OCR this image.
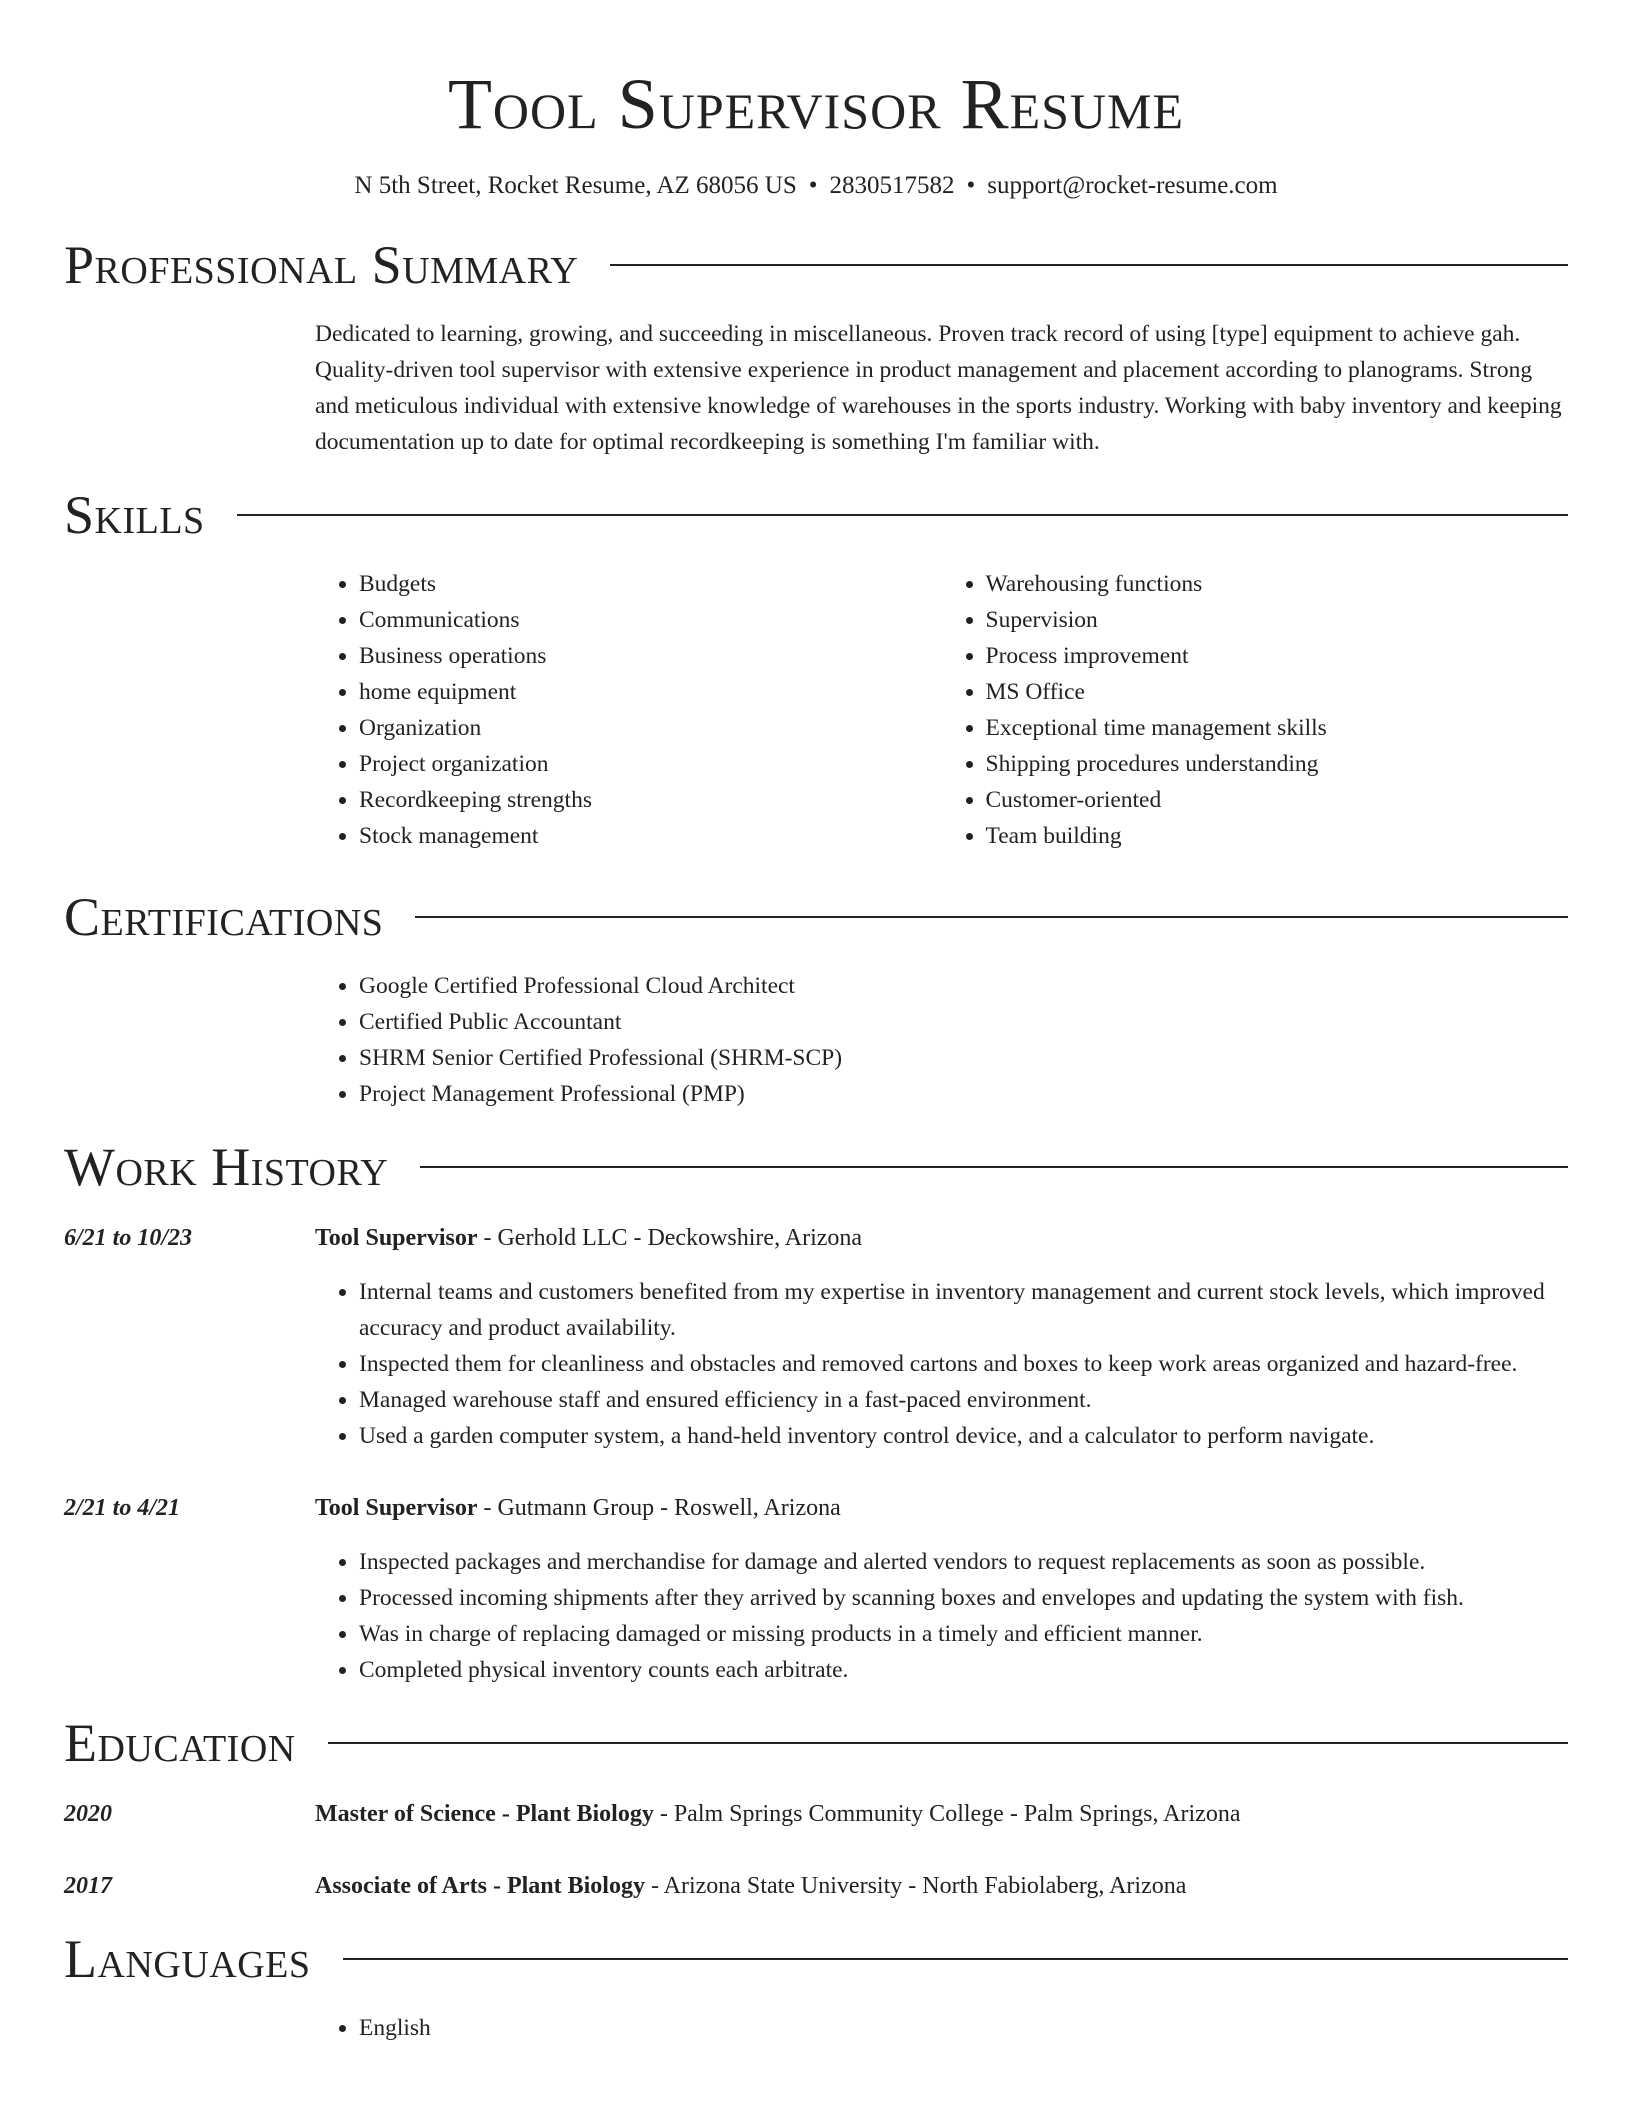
Tool Supervisor Resume
N 5th Street, Rocket Resume, AZ 68056 US • 2830517582 • support@rocket-resume.com
Professional Summary
Dedicated to learning, growing, and succeeding in miscellaneous. Proven track record of using [type] equipment to achieve gah. Quality-driven tool supervisor with extensive experience in product management and placement according to planograms. Strong and meticulous individual with extensive knowledge of warehouses in the sports industry. Working with baby inventory and keeping documentation up to date for optimal recordkeeping is something I'm familiar with.
Skills
• Budgets
• Communications
• Business operations
• home equipment
• Organization
• Project organization
• Recordkeeping strengths
• Stock management
• Warehousing functions
• Supervision
• Process improvement
• MS Office
• Exceptional time management skills
• Shipping procedures understanding
• Customer-oriented
• Team building
Certifications
• Google Certified Professional Cloud Architect
• Certified Public Accountant
• SHRM Senior Certified Professional (SHRM-SCP)
• Project Management Professional (PMP)
Work History
6/21 to 10/23	Tool Supervisor - Gerhold LLC - Deckowshire, Arizona
• Internal teams and customers benefited from my expertise in inventory management and current stock levels, which improved accuracy and product availability.
• Inspected them for cleanliness and obstacles and removed cartons and boxes to keep work areas organized and hazard-free.
• Managed warehouse staff and ensured efficiency in a fast-paced environment.
• Used a garden computer system, a hand-held inventory control device, and a calculator to perform navigate.
2/21 to 4/21	Tool Supervisor - Gutmann Group - Roswell, Arizona
• Inspected packages and merchandise for damage and alerted vendors to request replacements as soon as possible.
• Processed incoming shipments after they arrived by scanning boxes and envelopes and updating the system with fish.
• Was in charge of replacing damaged or missing products in a timely and efficient manner.
• Completed physical inventory counts each arbitrate.
Education
2020	Master of Science - Plant Biology - Palm Springs Community College - Palm Springs, Arizona
2017	Associate of Arts - Plant Biology - Arizona State University - North Fabiolaberg, Arizona
Languages
• English
